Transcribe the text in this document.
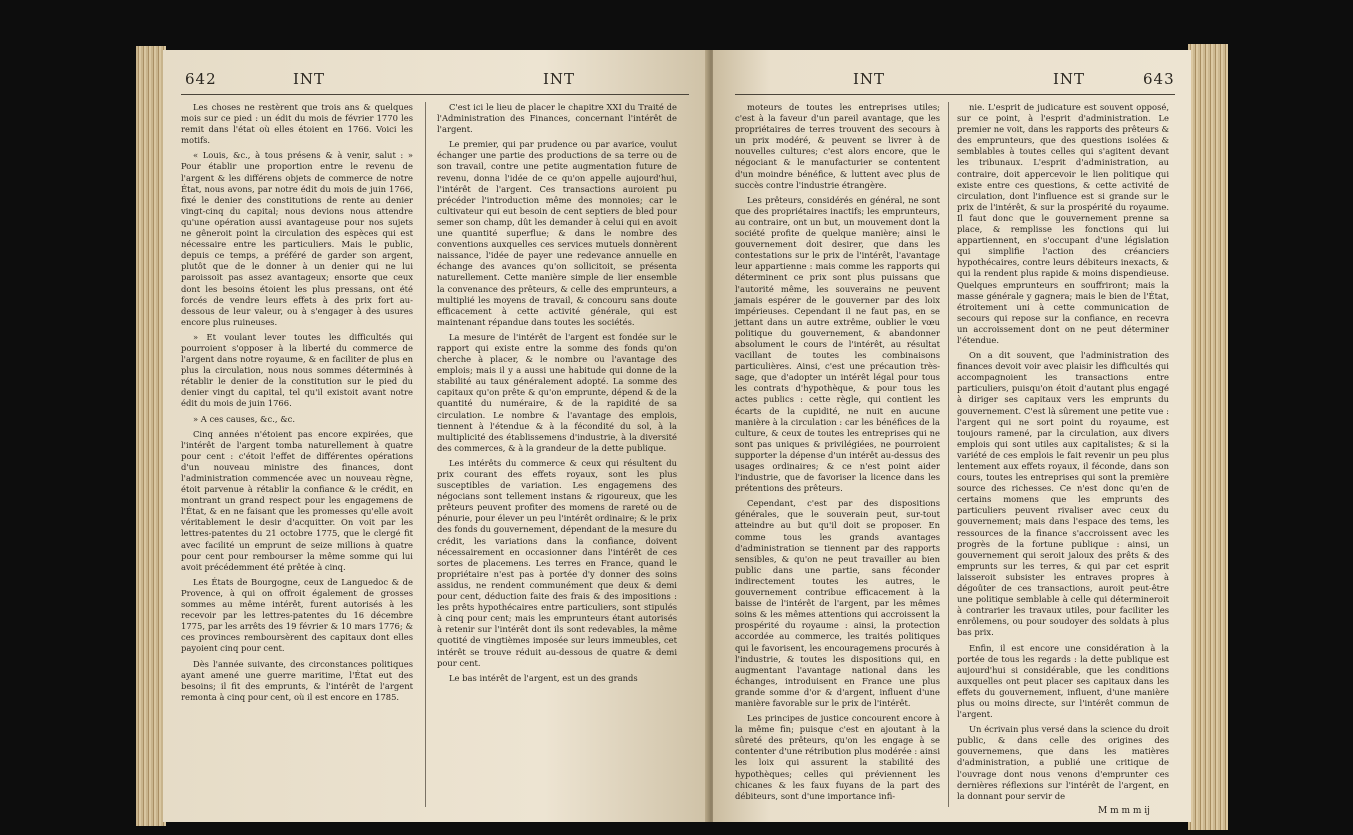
642	INT	INT

Les choses ne restèrent que trois ans & quelques mois sur ce pied : un édit du mois de février 1770 les remit dans l'état où elles étoient en 1766. Voici les motifs.

« Louis, &c., à tous présens & à venir, salut : » Pour établir une proportion entre le revenu de l'argent & les différens objets de commerce de notre État, nous avons, par notre édit du mois de juin 1766, fixé le denier des constitutions de rente au denier vingt-cinq du capital; nous devions nous attendre qu'une opération aussi avantageuse pour nos sujets ne gêneroit point la circulation des espèces qui est nécessaire entre les particuliers. Mais le public, depuis ce temps, a préféré de garder son argent, plutôt que de le donner à un denier qui ne lui paroissoit pas assez avantageux; ensorte que ceux dont les besoins étoient les plus pressans, ont été forcés de vendre leurs effets à des prix fort au-dessous de leur valeur, ou à s'engager à des usures encore plus ruineuses.

» Et voulant lever toutes les difficultés qui pourroient s'opposer à la liberté du commerce de l'argent dans notre royaume, & en faciliter de plus en plus la circulation, nous nous sommes déterminés à rétablir le denier de la constitution sur le pied du denier vingt du capital, tel qu'il existoit avant notre édit du mois de juin 1766.

» A ces causes, &c., &c.

Cinq années n'étoient pas encore expirées, que l'intérêt de l'argent tomba naturellement à quatre pour cent : c'étoit l'effet de différentes opérations d'un nouveau ministre des finances, dont l'administration commencée avec un nouveau règne, étoit parvenue à rétablir la confiance & le crédit, en montrant un grand respect pour les engagemens de l'État, & en ne faisant que les promesses qu'elle avoit véritablement le desir d'acquitter. On voit par les lettres-patentes du 21 octobre 1775, que le clergé fit avec facilité un emprunt de seize millions à quatre pour cent pour rembourser la même somme qui lui avoit précédemment été prêtée à cinq.

Les États de Bourgogne, ceux de Languedoc & de Provence, à qui on offroit également de grosses sommes au même intérêt, furent autorisés à les recevoir par les lettres-patentes du 16 décembre 1775, par les arrêts des 19 février & 10 mars 1776; & ces provinces remboursèrent des capitaux dont elles payoient cinq pour cent.

Dès l'année suivante, des circonstances politiques ayant amené une guerre maritime, l'État eut des besoins; il fit des emprunts, & l'intérêt de l'argent remonta à cinq pour cent, où il est encore en 1785.

C'est ici le lieu de placer le chapitre XXI du Traité de l'Administration des Finances, concernant l'intérêt de l'argent.

Le premier, qui par prudence ou par avarice, voulut échanger une partie des productions de sa terre ou de son travail, contre une petite augmentation future de revenu, donna l'idée de ce qu'on appelle aujourd'hui, l'intérêt de l'argent. Ces transactions auroient pu précéder l'introduction même des monnoies; car le cultivateur qui eut besoin de cent septiers de bled pour semer son champ, dût les demander à celui qui en avoit une quantité superflue; & dans le nombre des conventions auxquelles ces services mutuels donnèrent naissance, l'idée de payer une redevance annuelle en échange des avances qu'on sollicitoit, se présenta naturellement. Cette manière simple de lier ensemble la convenance des prêteurs, & celle des emprunteurs, a multiplié les moyens de travail, & concouru sans doute efficacement à cette activité générale, qui est maintenant répandue dans toutes les sociétés.

La mesure de l'intérêt de l'argent est fondée sur le rapport qui existe entre la somme des fonds qu'on cherche à placer, & le nombre ou l'avantage des emplois; mais il y a aussi une habitude qui donne de la stabilité au taux généralement adopté. La somme des capitaux qu'on prête & qu'on emprunte, dépend & de la quantité du numéraire, & de la rapidité de sa circulation. Le nombre & l'avantage des emplois, tiennent à l'étendue & à la fécondité du sol, à la multiplicité des établissemens d'industrie, à la diversité des commerces, & à la grandeur de la dette publique.

Les intérêts du commerce & ceux qui résultent du prix courant des effets royaux, sont les plus susceptibles de variation. Les engagemens des négocians sont tellement instans & rigoureux, que les prêteurs peuvent profiter des momens de rareté ou de pénurie, pour élever un peu l'intérêt ordinaire; & le prix des fonds du gouvernement, dépendant de la mesure du crédit, les variations dans la confiance, doivent nécessairement en occasionner dans l'intérêt de ces sortes de placemens. Les terres en France, quand le propriétaire n'est pas à portée d'y donner des soins assidus, ne rendent communément que deux & demi pour cent, déduction faite des frais & des impositions : les prêts hypothécaires entre particuliers, sont stipulés à cinq pour cent; mais les emprunteurs étant autorisés à retenir sur l'intérêt dont ils sont redevables, la même quotité de vingtièmes imposée sur leurs immeubles, cet intérêt se trouve réduit au-dessous de quatre & demi pour cent.

Le bas intérêt de l'argent, est un des grands

INT	INT	643

moteurs de toutes les entreprises utiles; c'est à la faveur d'un pareil avantage, que les propriétaires de terres trouvent des secours à un prix modéré, & peuvent se livrer à de nouvelles cultures; c'est alors encore, que le négociant & le manufacturier se contentent d'un moindre bénéfice, & luttent avec plus de succès contre l'industrie étrangère.

Les prêteurs, considérés en général, ne sont que des propriétaires inactifs; les emprunteurs, au contraire, ont un but, un mouvement dont la société profite de quelque manière; ainsi le gouvernement doit desirer, que dans les contestations sur le prix de l'intérêt, l'avantage leur appartienne : mais comme les rapports qui déterminent ce prix sont plus puissans que l'autorité même, les souverains ne peuvent jamais espérer de le gouverner par des loix impérieuses. Cependant il ne faut pas, en se jettant dans un autre extrême, oublier le vœu politique du gouvernement, & abandonner absolument le cours de l'intérêt, au résultat vacillant de toutes les combinaisons particulières. Ainsi, c'est une précaution très-sage, que d'adopter un intérêt légal pour tous les contrats d'hypothèque, & pour tous les actes publics : cette règle, qui contient les écarts de la cupidité, ne nuit en aucune manière à la circulation : car les bénéfices de la culture, & ceux de toutes les entreprises qui ne sont pas uniques & privilégiées, ne pourroient supporter la dépense d'un intérêt au-dessus des usages ordinaires; & ce n'est point aider l'industrie, que de favoriser la licence dans les prétentions des prêteurs.

Cependant, c'est par des dispositions générales, que le souverain peut, sur-tout atteindre au but qu'il doit se proposer. En comme tous les grands avantages d'administration se tiennent par des rapports sensibles, & qu'on ne peut travailler au bien public dans une partie, sans féconder indirectement toutes les autres, le gouvernement contribue efficacement à la baisse de l'intérêt de l'argent, par les mêmes soins & les mêmes attentions qui accroissent la prospérité du royaume : ainsi, la protection accordée au commerce, les traités politiques qui le favorisent, les encouragemens procurés à l'industrie, & toutes les dispositions qui, en augmentant l'avantage national dans les échanges, introduisent en France une plus grande somme d'or & d'argent, influent d'une manière favorable sur le prix de l'intérêt.

Les principes de justice concourent encore à la même fin; puisque c'est en ajoutant à la sûreté des prêteurs, qu'on les engage à se contenter d'une rétribution plus modérée : ainsi les loix qui assurent la stabilité des hypothèques; celles qui préviennent les chicanes & les faux fuyans de la part des débiteurs, sont d'une importance infi-

nie. L'esprit de judicature est souvent opposé, sur ce point, à l'esprit d'administration. Le premier ne voit, dans les rapports des prêteurs & des emprunteurs, que des questions isolées & semblables à toutes celles qui s'agitent devant les tribunaux. L'esprit d'administration, au contraire, doit appercevoir le lien politique qui existe entre ces questions, & cette activité de circulation, dont l'influence est si grande sur le prix de l'intérêt, & sur la prospérité du royaume. Il faut donc que le gouvernement prenne sa place, & remplisse les fonctions qui lui appartiennent, en s'occupant d'une législation qui simplifie l'action des créanciers hypothécaires, contre leurs débiteurs inexacts, & qui la rendent plus rapide & moins dispendieuse. Quelques emprunteurs en souffriront; mais la masse générale y gagnera; mais le bien de l'État, étroitement uni à cette communication de secours qui repose sur la confiance, en recevra un accroissement dont on ne peut déterminer l'étendue.

On a dit souvent, que l'administration des finances devoit voir avec plaisir les difficultés qui accompagnoient les transactions entre particuliers, puisqu'on étoit d'autant plus engagé à diriger ses capitaux vers les emprunts du gouvernement. C'est là sûrement une petite vue : l'argent qui ne sort point du royaume, est toujours ramené, par la circulation, aux divers emplois qui sont utiles aux capitalistes; & si la variété de ces emplois le fait revenir un peu plus lentement aux effets royaux, il féconde, dans son cours, toutes les entreprises qui sont la première source des richesses. Ce n'est donc qu'en de certains momens que les emprunts des particuliers peuvent rivaliser avec ceux du gouvernement; mais dans l'espace des tems, les ressources de la finance s'accroissent avec les progrès de la fortune publique : ainsi, un gouvernement qui seroit jaloux des prêts & des emprunts sur les terres, & qui par cet esprit laisseroit subsister les entraves propres à dégoûter de ces transactions, auroit peut-être une politique semblable à celle qui détermineroit à contrarier les travaux utiles, pour faciliter les enrôlemens, ou pour soudoyer des soldats à plus bas prix.

Enfin, il est encore une considération à la portée de tous les regards : la dette publique est aujourd'hui si considérable, que les conditions auxquelles ont peut placer ses capitaux dans les effets du gouvernement, influent, d'une manière plus ou moins directe, sur l'intérêt commun de l'argent.

Un écrivain plus versé dans la science du droit public, & dans celle des origines des gouvernemens, que dans les matières d'administration, a publié une critique de l'ouvrage dont nous venons d'emprunter ces dernières réflexions sur l'intérêt de l'argent, en la donnant pour servir de

M m m m ij
